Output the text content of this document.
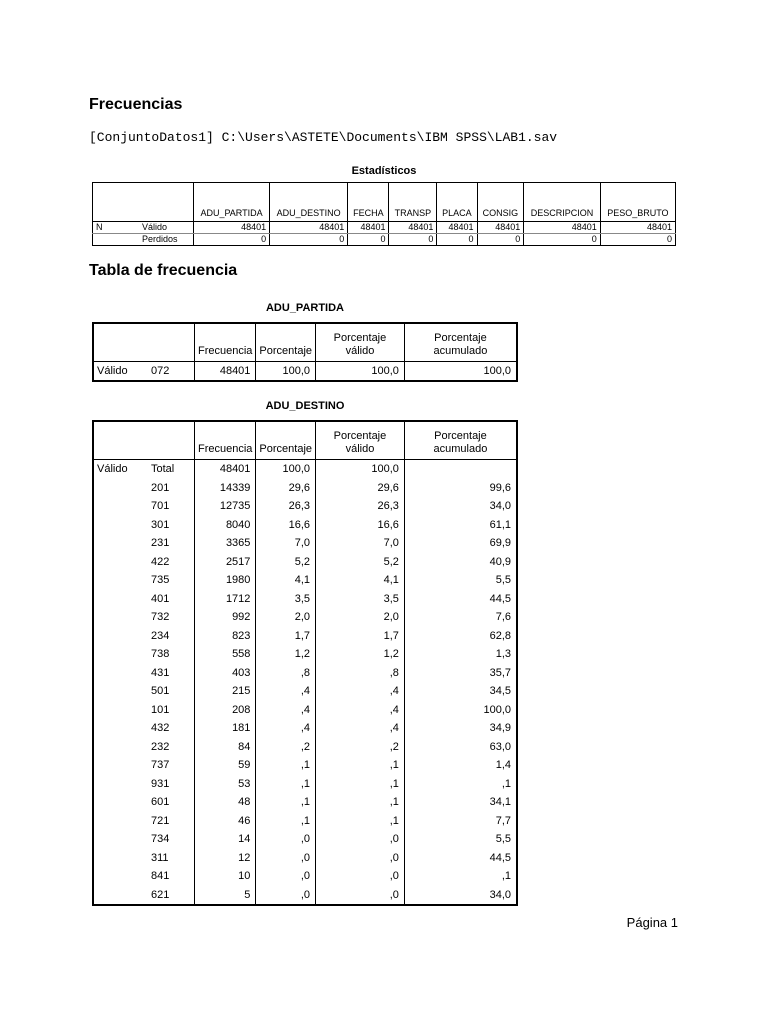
Frecuencias
[ConjuntoDatos1] C:\Users\ASTETE\Documents\IBM SPSS\LAB1.sav
Estadísticos
		ADU_PARTIDA	ADU_DESTINO	FECHA	TRANSP	PLACA	CONSIG	DESCRIPCION	PESO_BRUTO
N	Válido	48401	48401	48401	48401	48401	48401	48401	48401
	Perdidos	0	0	0	0	0	0	0	0
Tabla de frecuencia
ADU_PARTIDA
		Frecuencia	Porcentaje	Porcentaje válido	Porcentaje acumulado
Válido	072	48401	100,0	100,0	100,0
ADU_DESTINO
		Frecuencia	Porcentaje	Porcentaje válido	Porcentaje acumulado
Válido	Total	48401	100,0	100,0	
	201	14339	29,6	29,6	99,6
	701	12735	26,3	26,3	34,0
	301	8040	16,6	16,6	61,1
	231	3365	7,0	7,0	69,9
	422	2517	5,2	5,2	40,9
	735	1980	4,1	4,1	5,5
	401	1712	3,5	3,5	44,5
	732	992	2,0	2,0	7,6
	234	823	1,7	1,7	62,8
	738	558	1,2	1,2	1,3
	431	403	,8	,8	35,7
	501	215	,4	,4	34,5
	101	208	,4	,4	100,0
	432	181	,4	,4	34,9
	232	84	,2	,2	63,0
	737	59	,1	,1	1,4
	931	53	,1	,1	,1
	601	48	,1	,1	34,1
	721	46	,1	,1	7,7
	734	14	,0	,0	5,5
	311	12	,0	,0	44,5
	841	10	,0	,0	,1
	621	5	,0	,0	34,0
Página 1
